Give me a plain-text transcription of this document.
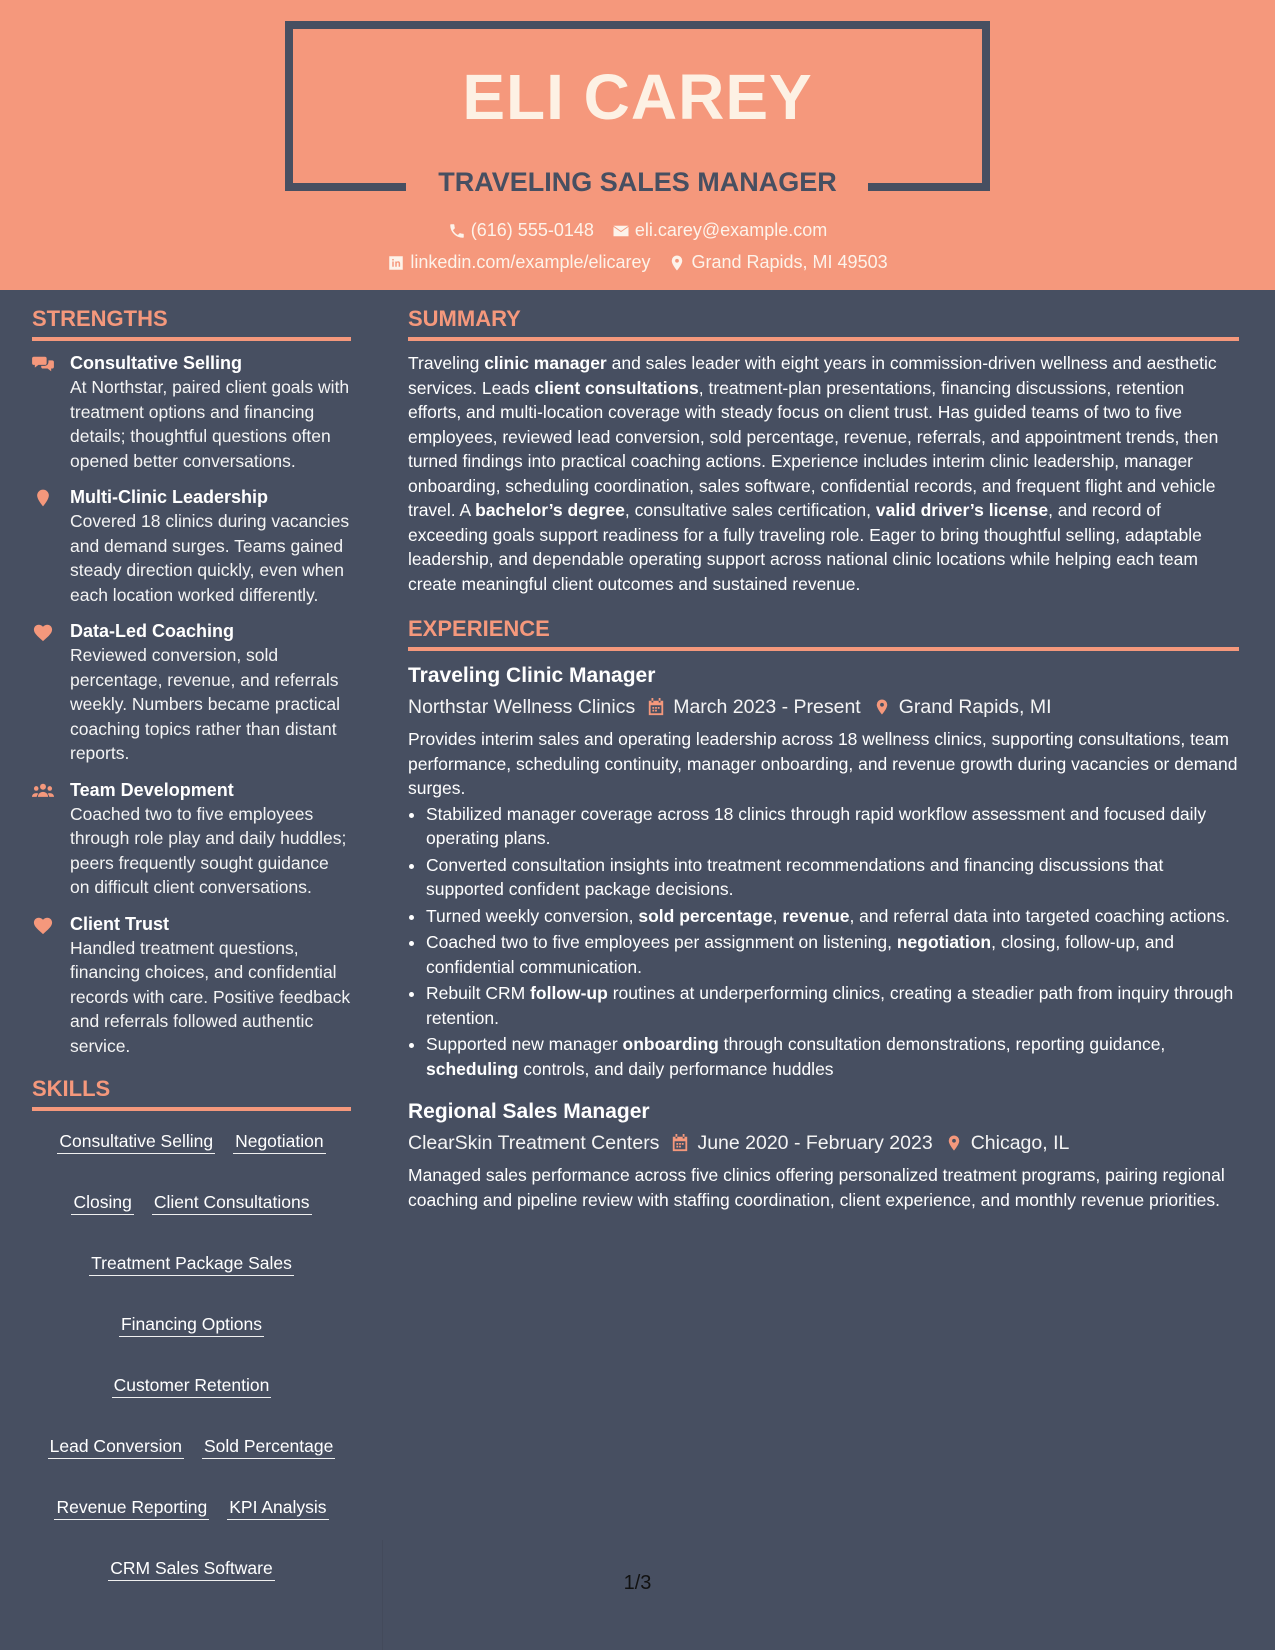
ELI CAREY
TRAVELING SALES MANAGER
(616) 555-0148 eli.carey@example.com
linkedin.com/example/elicarey Grand Rapids, MI 49503
STRENGTHS
Consultative Selling
At Northstar, paired client goals with treatment options and financing details; thoughtful questions often opened better conversations.
Multi-Clinic Leadership
Covered 18 clinics during vacancies and demand surges. Teams gained steady direction quickly, even when each location worked differently.
Data-Led Coaching
Reviewed conversion, sold percentage, revenue, and referrals weekly. Numbers became practical coaching topics rather than distant reports.
Team Development
Coached two to five employees through role play and daily huddles; peers frequently sought guidance on difficult client conversations.
Client Trust
Handled treatment questions, financing choices, and confidential records with care. Positive feedback and referrals followed authentic service.
SKILLS
Consultative Selling Negotiation
Closing Client Consultations
Treatment Package Sales
Financing Options
Customer Retention
Lead Conversion Sold Percentage
Revenue Reporting KPI Analysis
CRM Sales Software
SUMMARY

Traveling clinic manager and sales leader with eight years in commission-driven wellness and aesthetic services. Leads client consultations, treatment-plan presentations, financing discussions, retention efforts, and multi-location coverage with steady focus on client trust. Has guided teams of two to five employees, reviewed lead conversion, sold percentage, revenue, referrals, and appointment trends, then turned findings into practical coaching actions. Experience includes interim clinic leadership, manager onboarding, scheduling coordination, sales software, confidential records, and frequent flight and vehicle travel. A bachelor’s degree, consultative sales certification, valid driver’s license, and record of exceeding goals support readiness for a fully traveling role. Eager to bring thoughtful selling, adaptable leadership, and dependable operating support across national clinic locations while helping each team create meaningful client outcomes and sustained revenue.

EXPERIENCE
Traveling Clinic Manager
Northstar Wellness Clinics March 2023 - Present Grand Rapids, MI
Provides interim sales and operating leadership across 18 wellness clinics, supporting consultations, team performance, scheduling continuity, manager onboarding, and revenue growth during vacancies or demand surges.
• Stabilized manager coverage across 18 clinics through rapid workflow assessment and focused daily operating plans.
• Converted consultation insights into treatment recommendations and financing discussions that supported confident package decisions.
• Turned weekly conversion, sold percentage, revenue, and referral data into targeted coaching actions.
• Coached two to five employees per assignment on listening, negotiation, closing, follow-up, and confidential communication.
• Rebuilt CRM follow-up routines at underperforming clinics, creating a steadier path from inquiry through retention.
• Supported new manager onboarding through consultation demonstrations, reporting guidance, scheduling controls, and daily performance huddles
Regional Sales Manager
ClearSkin Treatment Centers June 2020 - February 2023 Chicago, IL
Managed sales performance across five clinics offering personalized treatment programs, pairing regional coaching and pipeline review with staffing coordination, client experience, and monthly revenue priorities.
1/3
